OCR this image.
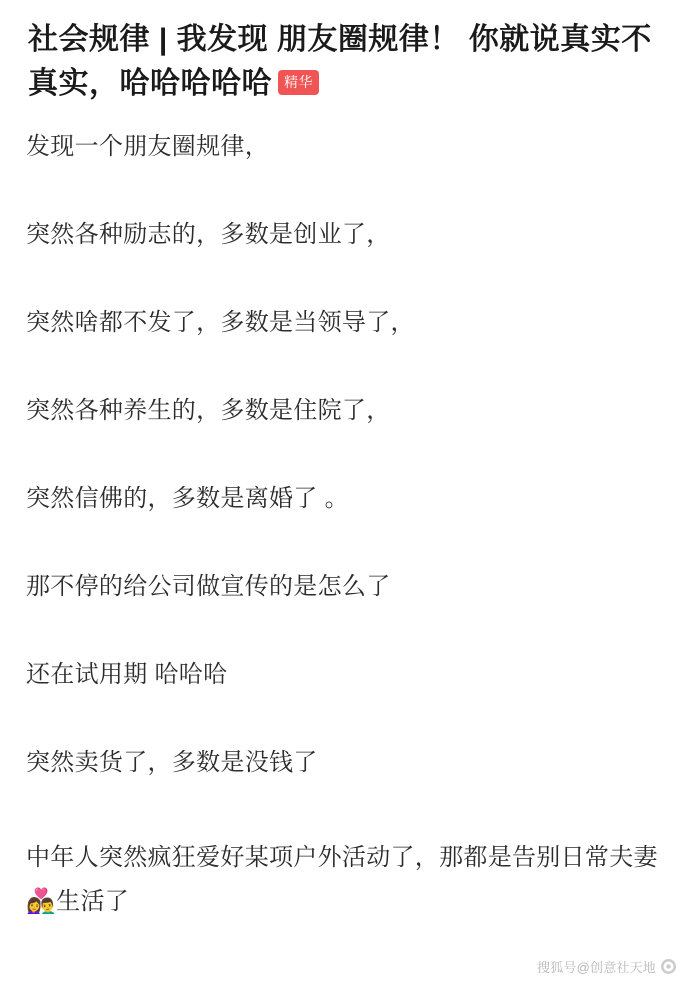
社会规律 | 我发现 朋友圈规律！ 你就说真实不真实，哈哈哈哈哈 精华

发现一个朋友圈规律，

突然各种励志的，多数是创业了，

突然啥都不发了，多数是当领导了，

突然各种养生的，多数是住院了，

突然信佛的，多数是离婚了 。

那不停的给公司做宣传的是怎么了

还在试用期 哈哈哈

突然卖货了，多数是没钱了

中年人突然疯狂爱好某项户外活动了，那都是告别日常夫妻👩‍❤️‍👨生活了

搜狐号@创意社天地
